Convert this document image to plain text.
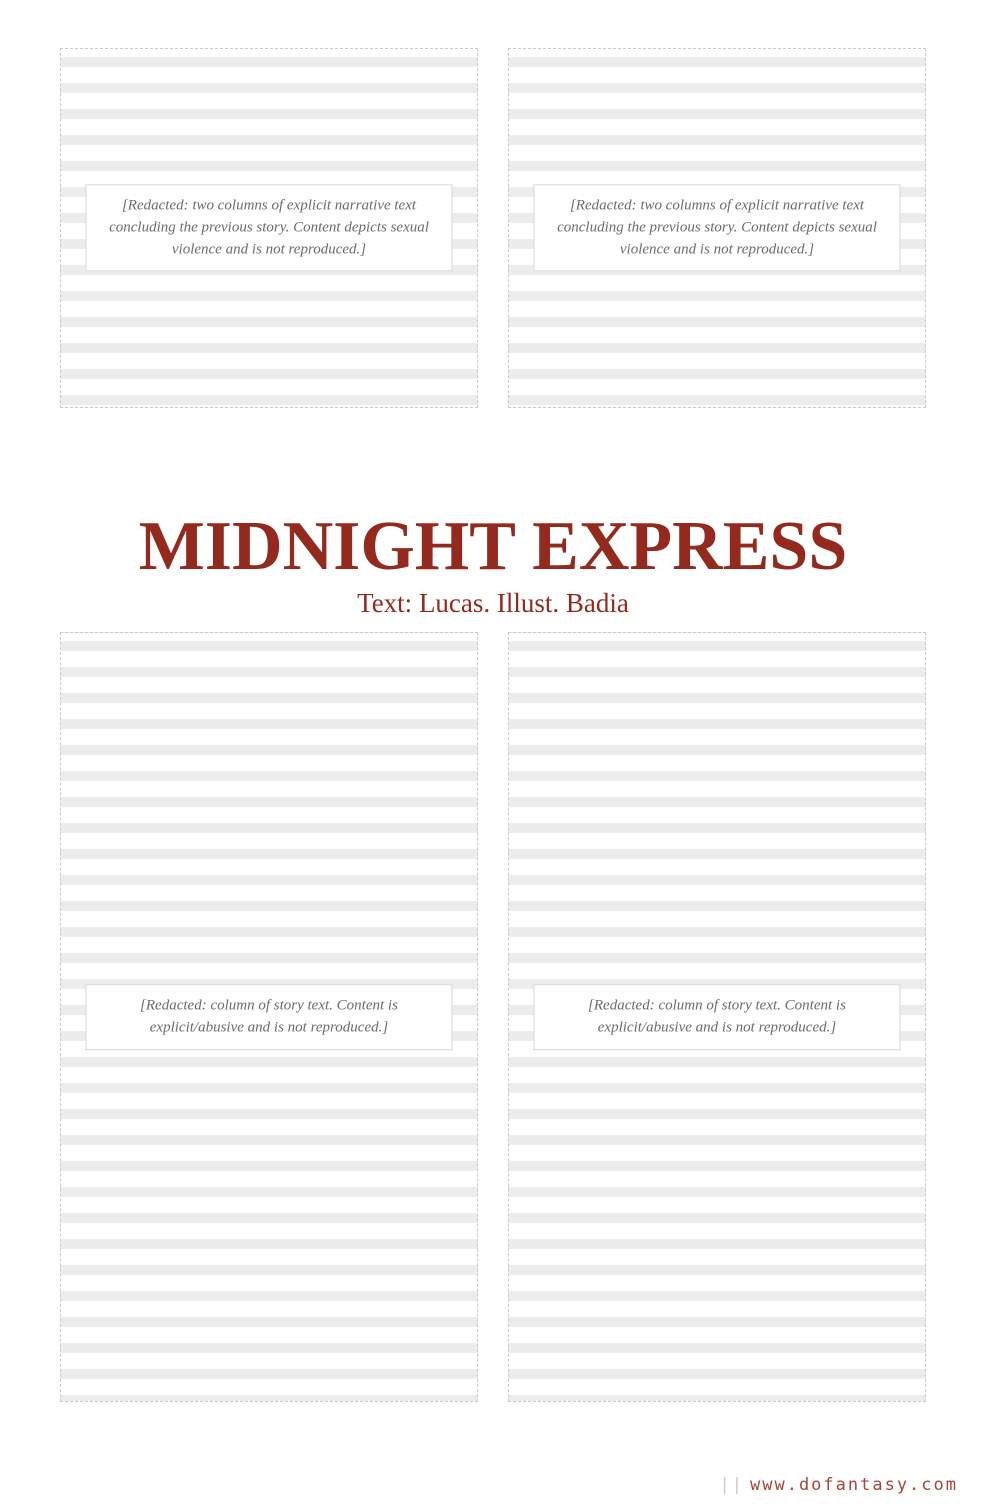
[Redacted: two columns of explicit narrative text concluding the previous story. Content depicts sexual violence and is not reproduced.]
[Redacted: two columns of explicit narrative text concluding the previous story. Content depicts sexual violence and is not reproduced.]
MIDNIGHT EXPRESS

Text: Lucas. Illust. Badia

[Redacted: column of story text. Content is explicit/abusive and is not reproduced.]
[Redacted: column of story text. Content is explicit/abusive and is not reproduced.]
|| www.dofantasy.com
